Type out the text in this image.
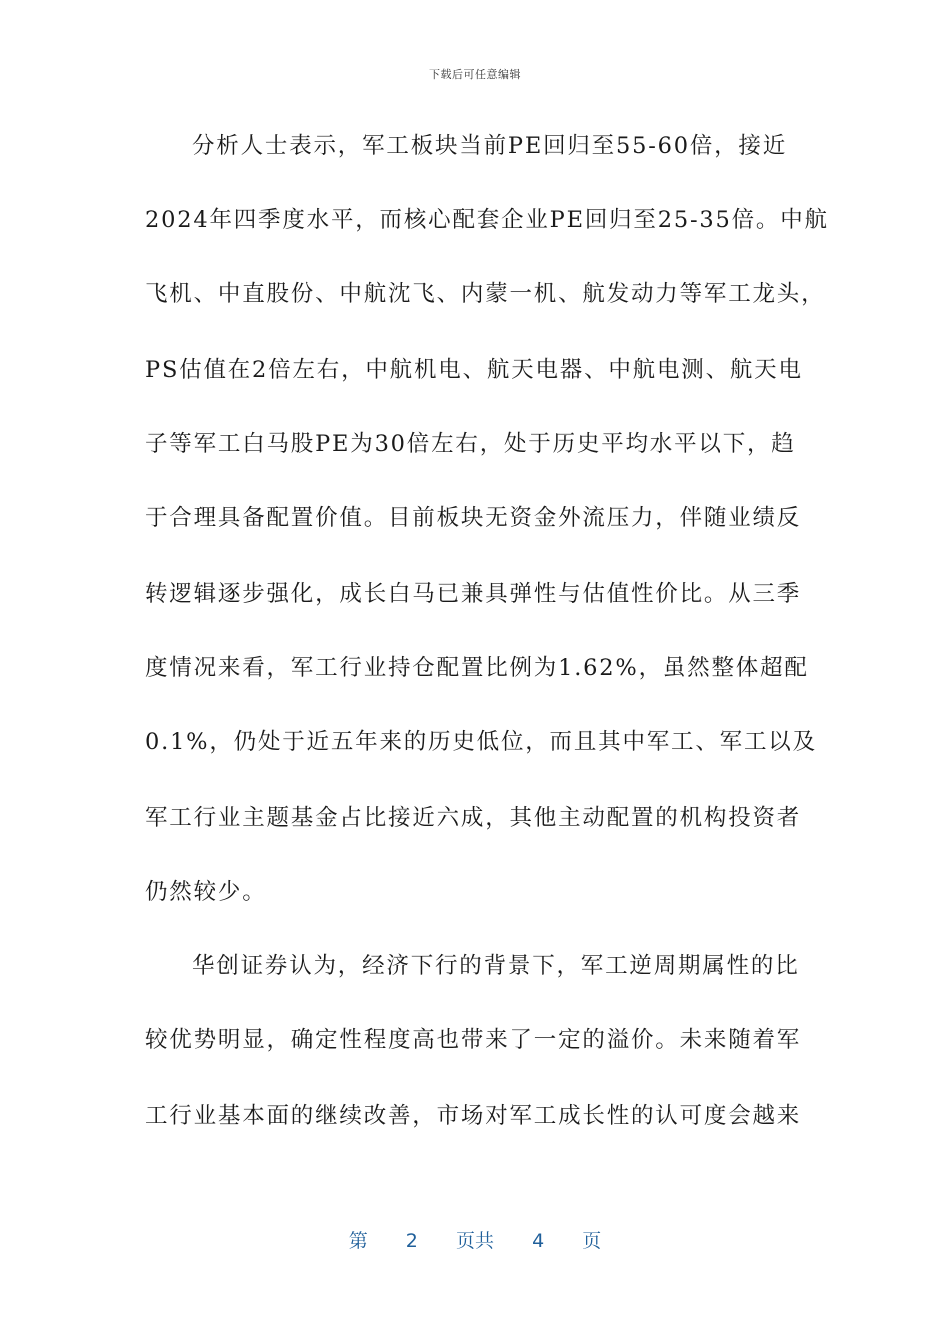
下载后可任意编辑
分析人士表示，军工板块当前PE回归至55-60倍，接近
2024年四季度水平，而核心配套企业PE回归至25-35倍。中航
飞机、中直股份、中航沈飞、内蒙一机、航发动力等军工龙头，
PS估值在2倍左右，中航机电、航天电器、中航电测、航天电
子等军工白马股PE为30倍左右，处于历史平均水平以下，趋
于合理具备配置价值。目前板块无资金外流压力，伴随业绩反
转逻辑逐步强化，成长白马已兼具弹性与估值性价比。从三季
度情况来看，军工行业持仓配置比例为1.62%，虽然整体超配
0.1%，仍处于近五年来的历史低位，而且其中军工、军工以及
军工行业主题基金占比接近六成，其他主动配置的机构投资者
仍然较少。
华创证券认为，经济下行的背景下，军工逆周期属性的比
较优势明显，确定性程度高也带来了一定的溢价。未来随着军
工行业基本面的继续改善，市场对军工成长性的认可度会越来
第 2 页共 4 页
